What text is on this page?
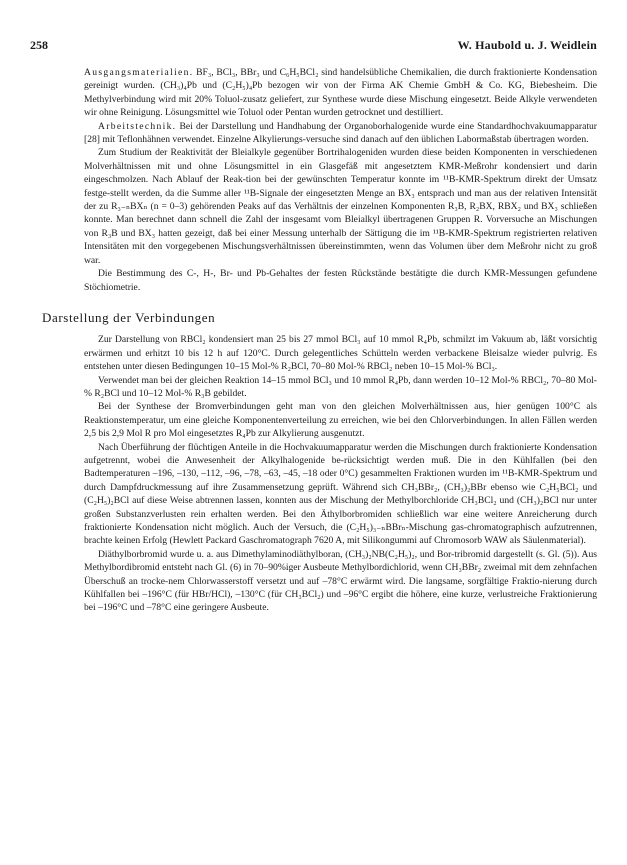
258	W. Haubold u. J. Weidlein

Ausgangsmaterialien. BF₃, BCl₃, BBr₃ und C₆H₅BCl₂ sind handelsübliche Chemikalien, die durch fraktionierte Kondensation gereinigt wurden. (CH₃)₄Pb und (C₂H₅)₄Pb bezogen wir von der Firma AK Chemie GmbH & Co. KG, Biebesheim. Die Methylverbindung wird mit 20% Toluol-zusatz geliefert, zur Synthese wurde diese Mischung eingesetzt. Beide Alkyle verwendeten wir ohne Reinigung. Lösungsmittel wie Toluol oder Pentan wurden getrocknet und destilliert.

Arbeitstechnik. Bei der Darstellung und Handhabung der Organoborhalogenide wurde eine Standardhochvakuumapparatur [28] mit Teflonhähnen verwendet. Einzelne Alkylierungs-versuche sind danach auf den üblichen Labormaßstab übertragen worden.

Zum Studium der Reaktivität der Bleialkyle gegenüber Bortrihalogeniden wurden diese beiden Komponenten in verschiedenen Molverhältnissen mit und ohne Lösungsmittel in ein Glasgefäß mit angesetztem KMR-Meßrohr kondensiert und darin eingeschmolzen. Nach Ablauf der Reak-tion bei der gewünschten Temperatur konnte im ¹¹B-KMR-Spektrum direkt der Umsatz festge-stellt werden, da die Summe aller ¹¹B-Signale der eingesetzten Menge an BX₃ entsprach und man aus der relativen Intensität der zu R₃₋ₙBXₙ (n = 0–3) gehörenden Peaks auf das Verhältnis der einzelnen Komponenten R₃B, R₂BX, RBX₂ und BX₃ schließen konnte. Man berechnet dann schnell die Zahl der insgesamt vom Bleialkyl übertragenen Gruppen R. Vorversuche an Mischungen von R₃B und BX₃ hatten gezeigt, daß bei einer Messung unterhalb der Sättigung die im ¹¹B-KMR-Spektrum registrierten relativen Intensitäten mit den vorgegebenen Mischungsverhältnissen übereinstimmten, wenn das Volumen über dem Meßrohr nicht zu groß war.

Die Bestimmung des C-, H-, Br- und Pb-Gehaltes der festen Rückstände bestätigte die durch KMR-Messungen gefundene Stöchiometrie.

Darstellung der Verbindungen

Zur Darstellung von RBCl₂ kondensiert man 25 bis 27 mmol BCl₃ auf 10 mmol R₄Pb, schmilzt im Vakuum ab, läßt vorsichtig erwärmen und erhitzt 10 bis 12 h auf 120°C. Durch gelegentliches Schütteln werden verbackene Bleisalze wieder pulvrig. Es entstehen unter diesen Bedingungen 10–15 Mol-% R₂BCl, 70–80 Mol-% RBCl₂ neben 10–15 Mol-% BCl₃.

Verwendet man bei der gleichen Reaktion 14–15 mmol BCl₃ und 10 mmol R₄Pb, dann werden 10–12 Mol-% RBCl₂, 70–80 Mol-% R₂BCl und 10–12 Mol-% R₃B gebildet.

Bei der Synthese der Bromverbindungen geht man von den gleichen Molverhältnissen aus, hier genügen 100°C als Reaktionstemperatur, um eine gleiche Komponentenverteilung zu erreichen, wie bei den Chlorverbindungen. In allen Fällen werden 2,5 bis 2,9 Mol R pro Mol eingesetztes R₄Pb zur Alkylierung ausgenutzt.

Nach Überführung der flüchtigen Anteile in die Hochvakuumapparatur werden die Mischungen durch fraktionierte Kondensation aufgetrennt, wobei die Anwesenheit der Alkylhalogenide be-rücksichtigt werden muß. Die in den Kühlfallen (bei den Badtemperaturen –196, –130, –112, –96, –78, –63, –45, –18 oder 0°C) gesammelten Fraktionen wurden im ¹¹B-KMR-Spektrum und durch Dampfdruckmessung auf ihre Zusammensetzung geprüft. Während sich CH₃BBr₂, (CH₃)₂BBr ebenso wie C₂H₅BCl₂ und (C₂H₅)₂BCl auf diese Weise abtrennen lassen, konnten aus der Mischung der Methylborchloride CH₃BCl₂ und (CH₃)₂BCl nur unter großen Substanzverlusten rein erhalten werden. Bei den Äthylborbromiden schließlich war eine weitere Anreicherung durch fraktionierte Kondensation nicht möglich. Auch der Versuch, die (C₂H₅)₃₋ₙBBrₙ-Mischung gas-chromatographisch aufzutrennen, brachte keinen Erfolg (Hewlett Packard Gaschromatograph 7620 A, mit Silikongummi auf Chromosorb WAW als Säulenmaterial).

Diäthylborbromid wurde u. a. aus Dimethylaminodiäthylboran, (CH₃)₂NB(C₂H₅)₂, und Bor-tribromid dargestellt (s. Gl. (5)). Aus Methylbordibromid entsteht nach Gl. (6) in 70–90%iger Ausbeute Methylbordichlorid, wenn CH₃BBr₂ zweimal mit dem zehnfachen Überschuß an trocke-nem Chlorwasserstoff versetzt und auf –78°C erwärmt wird. Die langsame, sorgfältige Fraktio-nierung durch Kühlfallen bei –196°C (für HBr/HCl), –130°C (für CH₃BCl₂) und –96°C ergibt die höhere, eine kurze, verlustreiche Fraktionierung bei –196°C und –78°C eine geringere Ausbeute.
